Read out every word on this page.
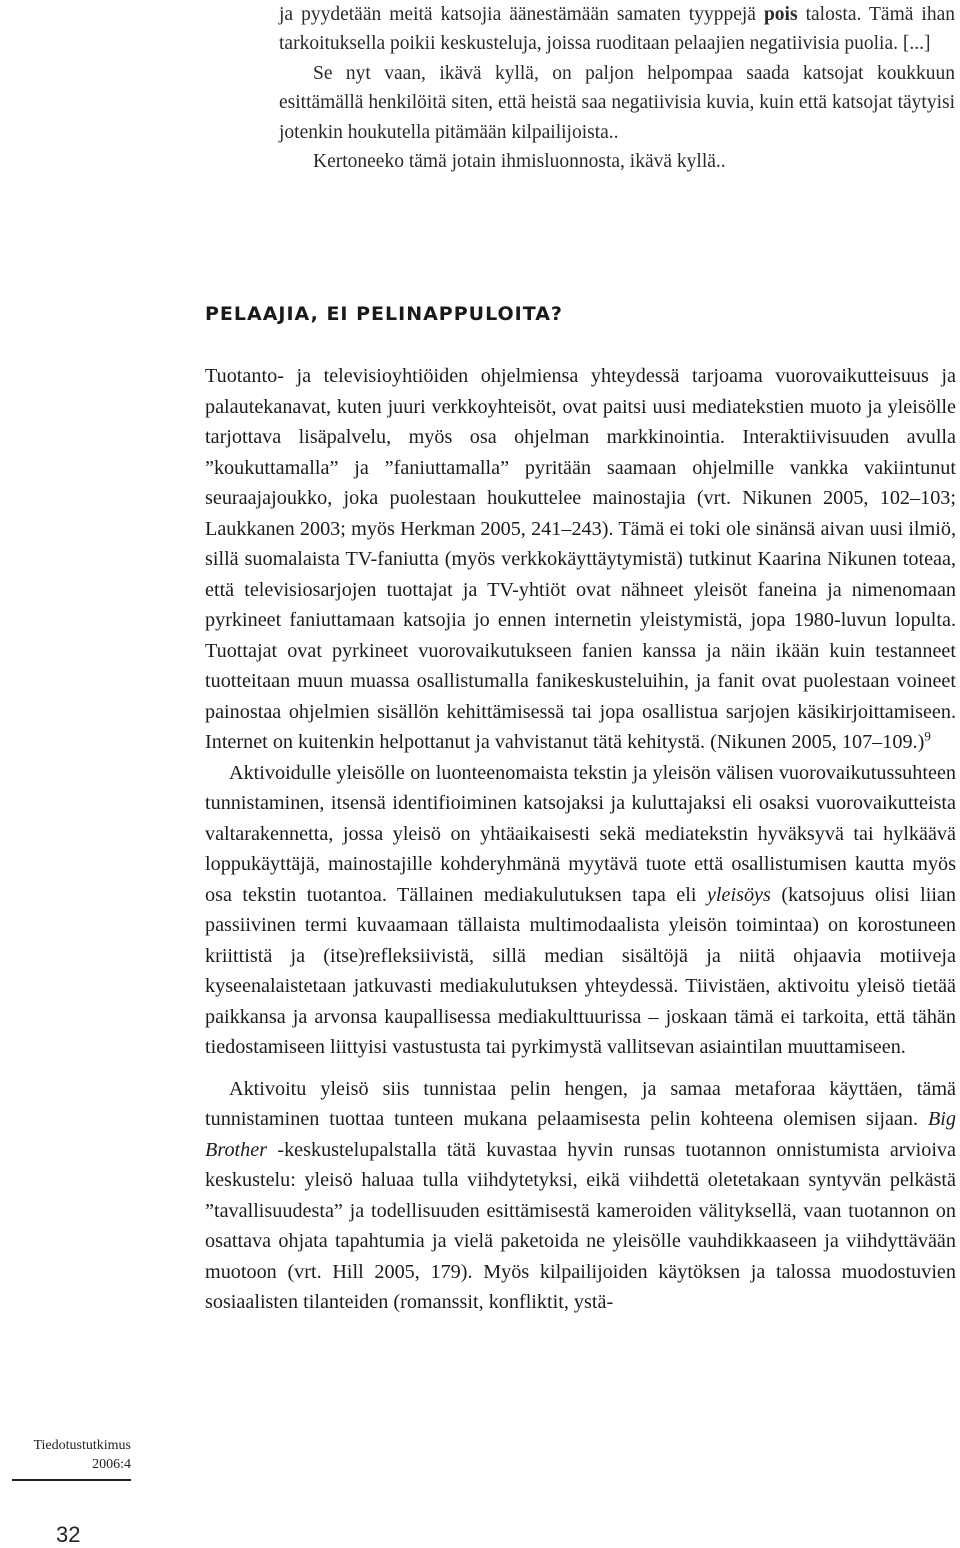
ja pyydetään meitä katsojia äänestämään samaten tyyppejä pois talosta. Tämä ihan tarkoituksella poikii keskusteluja, joissa ruoditaan pelaajien negatiivisia puolia. [...]

Se nyt vaan, ikävä kyllä, on paljon helpompaa saada katsojat koukkuun esittämällä henkilöitä siten, että heistä saa negatiivisia kuvia, kuin että katsojat täytyisi jotenkin houkutella pitämään kilpailijoista..

Kertoneeko tämä jotain ihmisluonnosta, ikävä kyllä..

PELAAJIA, EI PELINAPPULOITA?

Tuotanto- ja televisioyhtiöiden ohjelmiensa yhteydessä tarjoama vuorovaikutteisuus ja palautekanavat, kuten juuri verkkoyhteisöt, ovat paitsi uusi mediatekstien muoto ja yleisölle tarjottava lisäpalvelu, myös osa ohjelman markkinointia. Interaktiivisuuden avulla ”koukuttamalla” ja ”faniuttamalla” pyritään saamaan ohjelmille vankka vakiintunut seuraajajoukko, joka puolestaan houkuttelee mainostajia (vrt. Nikunen 2005, 102–103; Laukkanen 2003; myös Herkman 2005, 241–243). Tämä ei toki ole sinänsä aivan uusi ilmiö, sillä suomalaista TV-faniutta (myös verkkokäyttäytymistä) tutkinut Kaarina Nikunen toteaa, että televisiosarjojen tuottajat ja TV-yhtiöt ovat nähneet yleisöt faneina ja nimenomaan pyrkineet faniuttamaan katsojia jo ennen internetin yleistymistä, jopa 1980-luvun lopulta. Tuottajat ovat pyrkineet vuorovaikutukseen fanien kanssa ja näin ikään kuin testanneet tuotteitaan muun muassa osallistumalla fanikeskusteluihin, ja fanit ovat puolestaan voineet painostaa ohjelmien sisällön kehittämisessä tai jopa osallistua sarjojen käsikirjoittamiseen. Internet on kuitenkin helpottanut ja vahvistanut tätä kehitystä. (Nikunen 2005, 107–109.)$^9$

Aktivoidulle yleisölle on luonteenomaista tekstin ja yleisön välisen vuorovaikutussuhteen tunnistaminen, itsensä identifioiminen katsojaksi ja kuluttajaksi eli osaksi vuorovaikutteista valtarakennetta, jossa yleisö on yhtäaikaisesti sekä mediatekstin hyväksyvä tai hylkäävä loppukäyttäjä, mainostajille kohderyhmänä myytävä tuote että osallistumisen kautta myös osa tekstin tuotantoa. Tällainen mediakulutuksen tapa eli yleisöys (katsojuus olisi liian passiivinen termi kuvaamaan tällaista multimodaalista yleisön toimintaa) on korostuneen kriittistä ja (itse)refleksiivistä, sillä median sisältöjä ja niitä ohjaavia motiiveja kyseenalaistetaan jatkuvasti mediakulutuksen yhteydessä. Tiivistäen, aktivoitu yleisö tietää paikkansa ja arvonsa kaupallisessa mediakulttuurissa – joskaan tämä ei tarkoita, että tähän tiedostamiseen liittyisi vastustusta tai pyrkimystä vallitsevan asiaintilan muuttamiseen.

Aktivoitu yleisö siis tunnistaa pelin hengen, ja samaa metaforaa käyttäen, tämä tunnistaminen tuottaa tunteen mukana pelaamisesta pelin kohteena olemisen sijaan. Big Brother -keskustelupalstalla tätä kuvastaa hyvin runsas tuotannon onnistumista arvioiva keskustelu: yleisö haluaa tulla viihdytetyksi, eikä viihdettä oletetakaan syntyvän pelkästä ”tavallisuudesta” ja todellisuuden esittämisestä kameroiden välityksellä, vaan tuotannon on osattava ohjata tapahtumia ja vielä paketoida ne yleisölle vauhdikkaaseen ja viihdyttävään muotoon (vrt. Hill 2005, 179). Myös kilpailijoiden käytöksen ja talossa muodostuvien sosiaalisten tilanteiden (romanssit, konfliktit, ystä-

Tiedotustutkimus
2006:4
32
